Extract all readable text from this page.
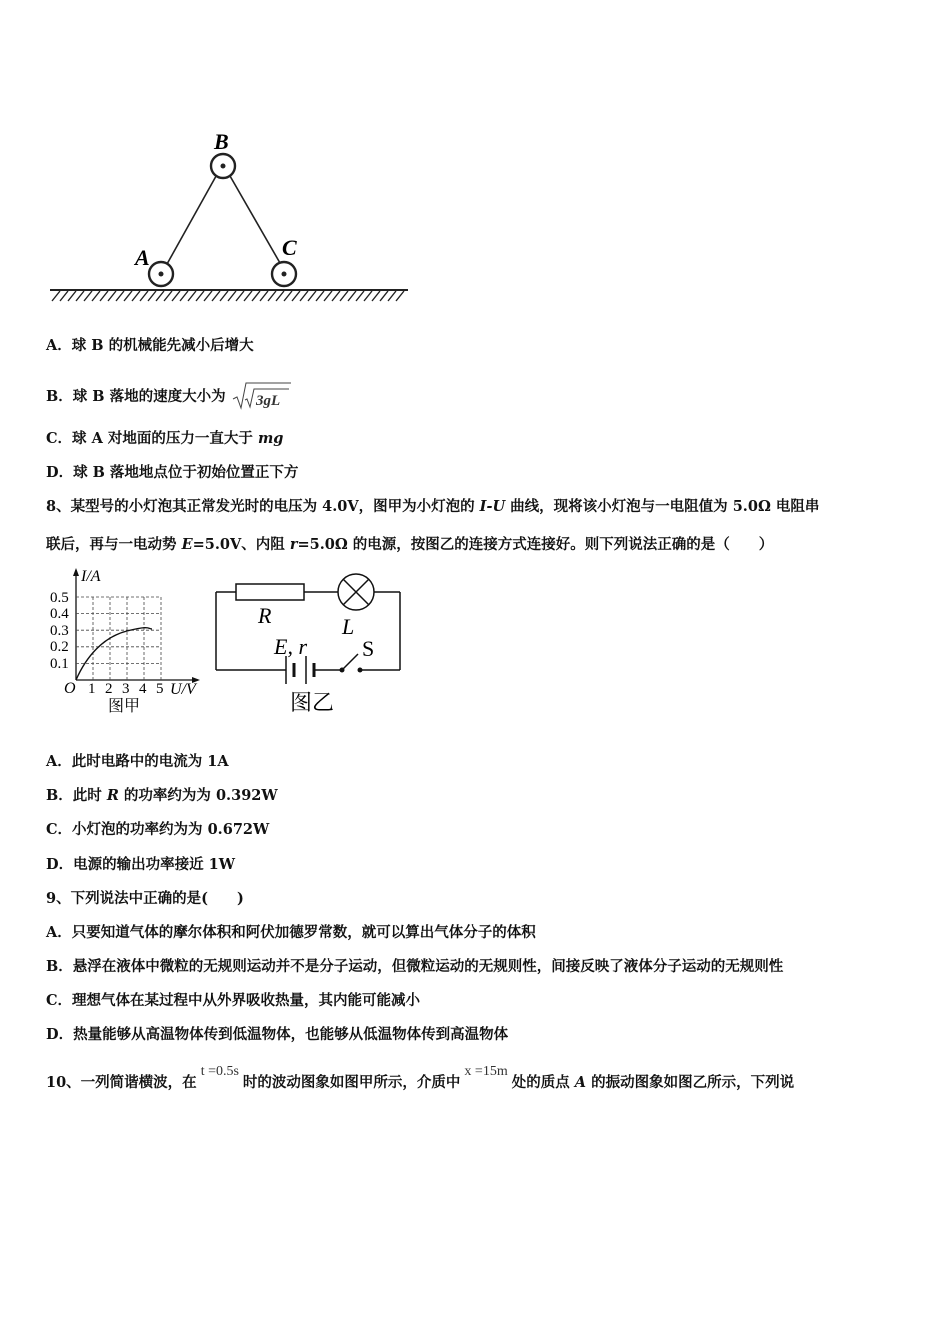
B
A	C
A．球 B 的机械能先减小后增大
B．球 B 落地的速度大小为 3gL
C．球 A 对地面的压力一直大于 mg
D．球 B 落地地点位于初始位置正下方
8、某型号的小灯泡其正常发光时的电压为 4.0V，图甲为小灯泡的 I-U 曲线，现将该小灯泡与一电阻值为 5.0Ω 电阻串
联后，再与一电动势 E=5.0V、内阻 r=5.0Ω 的电源，按图乙的连接方式连接好。则下列说法正确的是（　　）
I/A
0.5
0.4
0.3
0.2
0.1
O 1 2 3 4 5 U/V
图甲
R	L
E, r	S
图乙
A．此时电路中的电流为 1A
B．此时 R 的功率约为为 0.392W
C．小灯泡的功率约为为 0.672W
D．电源的输出功率接近 1W
9、下列说法中正确的是(　　)
A．只要知道气体的摩尔体积和阿伏加德罗常数，就可以算出气体分子的体积
B．悬浮在液体中微粒的无规则运动并不是分子运动，但微粒运动的无规则性，间接反映了液体分子运动的无规则性
C．理想气体在某过程中从外界吸收热量，其内能可能减小
D．热量能够从高温物体传到低温物体，也能够从低温物体传到高温物体
10、一列简谐横波，在t =0.5s时的波动图象如图甲所示，介质中x =15m处的质点 A 的振动图象如图乙所示，下列说
